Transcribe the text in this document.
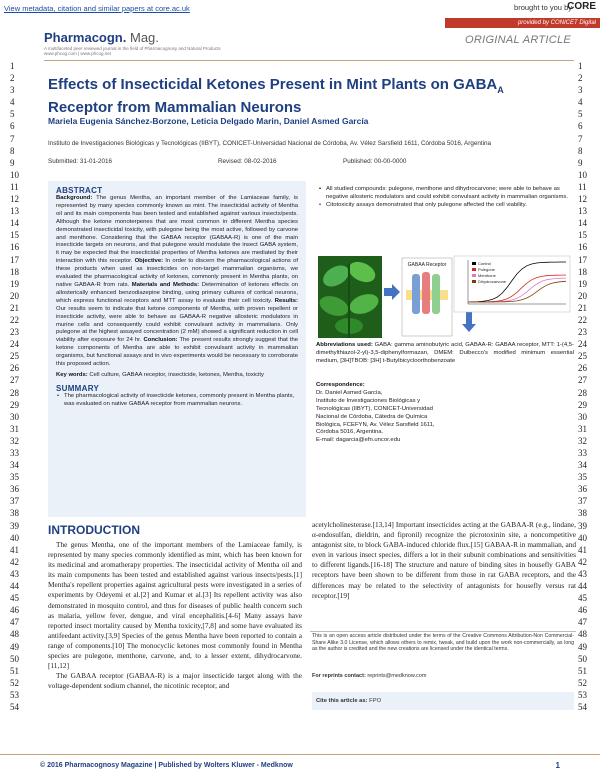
View metadata, citation and similar papers at core.ac.uk	brought to you by
CORE
provided by CONICET Digital
Pharmacogn. Mag.
A multifaceted peer reviewed journal in the field of Pharmacognosy and Natural Products
www.phcog.com | www.phcog.net
ORIGINAL ARTICLE
1
2
3
4
5
6
7
8
9
10
11
12
13
14
15
16
17
18
19
20
21
22
23
24
25
26
27
28
29
30
31
32
33
34
35
36
37
38
39
40
41
42
43
44
45
46
47
48
49
50
51
52
53
54
1
2
3
4
5
6
7
8
9
10
11
12
13
14
15
16
17
18
19
20
21
22
23
24
25
26
27
28
29
30
31
32
33
34
35
36
37
38
39
40
41
42
43
44
45
46
47
48
49
50
51
52
53
54
Effects of Insecticidal Ketones Present in Mint Plants on $GABA_A$
Receptor from Mammalian Neurons
Mariela Eugenia Sánchez-Borzone, Leticia Delgado Marin, Daniel Asmed García
Instituto de Investigaciones Biológicas y Tecnológicas (IIBYT), CONICET-Universidad Nacional de Córdoba, Av. Vélez Sarsfield 1611, Córdoba 5016, Argentina
Submitted: 31-01-2016	Revised: 08-02-2016	Published: 00-00-0000
ABSTRACT
Background: The genus Mentha, an important member of the Lamiaceae family, is represented by many species commonly known as mint. The insecticidal activity of Mentha oil and its main components has been tested and established against various insects/pests. Although the ketone monoterpenes that are most common in different Mentha species demonstrated insecticidal toxicity, with pulegone being the most active, followed by carvone and menthone. Considering that the GABAA receptor (GABAA-R) is one of the main insecticide targets on neurons, and that pulegone would modulate the insect GABA system, it may be expected that the insecticidal properties of Mentha ketones are mediated by their interaction with this receptor. Objective: In order to discern the pharmacological actions of these products when used as insecticides on non-target mammalian organisms, we evaluated the pharmacological activity of ketones, commonly present in Mentha plants, on native GABAA-R from rats. Materials and Methods: Determination of ketones effects on allosterically enhanced benzodiazepine binding, using primary cultures of cortical neurons, which express functional receptors and MTT assay to evaluate their cell toxicity. Results: Our results seem to indicate that ketone components of Mentha, with proven repellent or insecticide activity, were able to behave as GABAA-R negative allosteric modulators in murine cells and consequently could exhibit convulsant activity in mammalians. Only pulegone at the highest assayed concentration (2 mM) showed a significant reduction in cell viability after exposure for 24 hr. Conclusion: The present results strongly suggest that the ketone components of Mentha are able to exhibit convulsant activity in mammalian organisms, but functional assays and in vivo experiments would be necessary to corroborate this proposed action.
Key words: Cell culture, GABAA receptor, insecticide, ketones, Mentha, toxicity
SUMMARY
• The pharmacological activity of insecticide ketones, commonly present in Mentha plants, was evaluated on native GABAA receptor from mammalian neurons.
• All studied compounds: pulegone, menthone and dihydrocarvone; were able to behave as negative allosteric modulators and could exhibit convulsant activity in mammalian organisms.
• Citotoxicity assays demonstrated that only pulegone affected the cell viability.
GABAA Receptor	Control
Pulegone
Menthone
Dihydrocarvone
Abbreviations used: GABA: gamma aminobutyric acid, GABAA-R: GABAA receptor, MTT: 1-(4,5-dimethylthiazol-2-yl)-3,5-diphenylformazan, DMEM: Dulbecco's modified minimum essential medium, [3H]TBOB: [3H] t-Butylbicycloorthobenzoate
Correspondence:
Dr. Daniel Asmed García,
Instituto de Investigaciones Biológicas y
Tecnológicas (IIBYT), CONICET-Universidad
Nacional de Córdoba, Cátedra de Química
Biológica, FCEFYN, Av. Vélez Sarsfield 1611,
Córdoba 5016, Argentina.
E-mail: dagarcia@efn.uncor.edu
INTRODUCTION
The genus Mentha, one of the important members of the Lamiaceae family, is represented by many species commonly identified as mint, which has been known for its medicinal and aromatherapy properties. The insecticidal activity of Mentha oil and its main components has been tested and established against various insects/pests.[1] Mentha's repellent properties against agricultural pests were investigated in a series of experiments by Odeyemi et al.[2] and Kumar et al.[3] Its repellent activity was also demonstrated in mosquito control, and thus for diseases of public health concern such as malaria, yellow fever, dengue, and viral encephalitis.[4-6] Many assays have reported insect mortality caused by Mentha toxicity,[7,8] and some have evaluated its antifeedant activity.[3,9] Species of the genus Mentha have been reported to contain a range of components.[10] The monocyclic ketones most commonly found in Mentha species are pulegone, menthone, carvone, and, to a lesser extent, dihydrocarvone.[11,12]
The GABAA receptor (GABAA-R) is a major insecticide target along with the voltage-dependent sodium channel, the nicotinic receptor, and
acetylcholinesterase.[13,14] Important insecticides acting at the GABAA-R (e.g., lindane, α-endosulfan, dieldrin, and fipronil) recognize the picrotoxinin site, a noncompetitive antagonist site, to block GABA-induced chloride flux.[15] GABAA-R in mammalian, and even in various insect species, differs a lot in their subunit combinations and sensitivities to different ligands.[16-18] The structure and nature of binding sites in housefly GABA receptors have been shown to be different from those in rat GABA receptors, and the differences may be related to the selectivity of antagonists for housefly versus rat receptor.[19]
This is an open access article distributed under the terms of the Creative Commons Attribution-Non Commercial-Share Alike 3.0 License, which allows others to remix, tweak, and build upon the work non-commercially, as long as the author is credited and the new creations are licensed under the identical terms.
For reprints contact: reprints@medknow.com
Cite this article as: FPO
© 2016 Pharmacognosy Magazine | Published by Wolters Kluwer - Medknow	1
